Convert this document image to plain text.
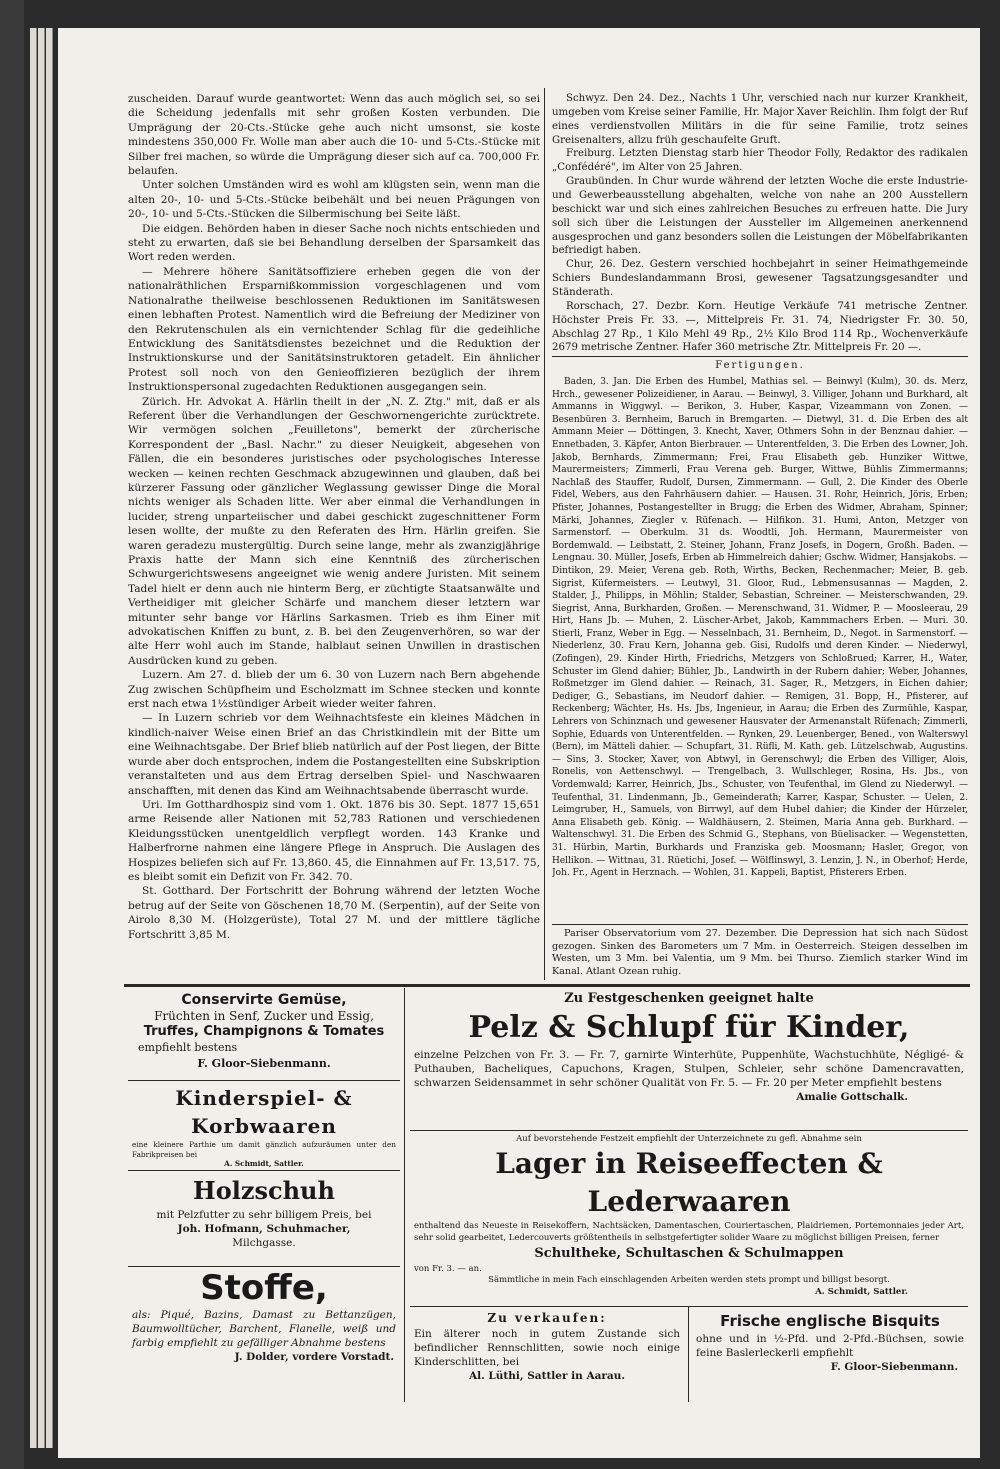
zuscheiden. Darauf wurde geantwortet: Wenn das auch möglich sei, so sei die Scheidung jedenfalls mit sehr großen Kosten verbunden. Die Umprägung der 20-Cts.-Stücke gehe auch nicht umsonst, sie koste mindestens 350,000 Fr. Wolle man aber auch die 10- und 5-Cts.-Stücke mit Silber frei machen, so würde die Umprägung dieser sich auf ca. 700,000 Fr. belaufen.

Unter solchen Umständen wird es wohl am klügsten sein, wenn man die alten 20-, 10- und 5-Cts.-Stücke beibehält und bei neuen Prägungen von 20-, 10- und 5-Cts.-Stücken die Silbermischung bei Seite läßt.

Die eidgen. Behörden haben in dieser Sache noch nichts entschieden und steht zu erwarten, daß sie bei Behandlung derselben der Sparsamkeit das Wort reden werden.

— Mehrere höhere Sanitätsoffiziere erheben gegen die von der nationalräthlichen Ersparnißkommission vorgeschlagenen und vom Nationalrathe theilweise beschlossenen Reduktionen im Sanitätswesen einen lebhaften Protest. Namentlich wird die Befreiung der Mediziner von den Rekrutenschulen als ein vernichtender Schlag für die gedeihliche Entwicklung des Sanitätsdienstes bezeichnet und die Reduktion der Instruktionskurse und der Sanitätsinstruktoren getadelt. Ein ähnlicher Protest soll noch von den Genieoffizieren bezüglich der ihrem Instruktionspersonal zugedachten Reduktionen ausgegangen sein.

Zürich. Hr. Advokat A. Härlin theilt in der „N. Z. Ztg." mit, daß er als Referent über die Verhandlungen der Geschwornengerichte zurücktrete. Wir vermögen solchen „Feuilletons", bemerkt der zürcherische Korrespondent der „Basl. Nachr." zu dieser Neuigkeit, abgesehen von Fällen, die ein besonderes juristisches oder psychologisches Interesse wecken — keinen rechten Geschmack abzugewinnen und glauben, daß bei kürzerer Fassung oder gänzlicher Weglassung gewisser Dinge die Moral nichts weniger als Schaden litte. Wer aber einmal die Verhandlungen in lucider, streng unparteiischer und dabei geschickt zugeschnittener Form lesen wollte, der mußte zu den Referaten des Hrn. Härlin greifen. Sie waren geradezu mustergültig. Durch seine lange, mehr als zwanzigjährige Praxis hatte der Mann sich eine Kenntniß des zürcherischen Schwurgerichtswesens angeeignet wie wenig andere Juristen. Mit seinem Tadel hielt er denn auch nie hinterm Berg, er züchtigte Staatsanwälte und Vertheidiger mit gleicher Schärfe und manchem dieser letztern war mitunter sehr bange vor Härlins Sarkasmen. Trieb es ihm Einer mit advokatischen Kniffen zu bunt, z. B. bei den Zeugenverhören, so war der alte Herr wohl auch im Stande, halblaut seinen Unwillen in drastischen Ausdrücken kund zu geben.

Luzern. Am 27. d. blieb der um 6. 30 von Luzern nach Bern abgehende Zug zwischen Schüpfheim und Escholzmatt im Schnee stecken und konnte erst nach etwa 1½stündiger Arbeit wieder weiter fahren.

— In Luzern schrieb vor dem Weihnachtsfeste ein kleines Mädchen in kindlich-naiver Weise einen Brief an das Christkindlein mit der Bitte um eine Weihnachtsgabe. Der Brief blieb natürlich auf der Post liegen, der Bitte wurde aber doch entsprochen, indem die Postangestellten eine Subskription veranstalteten und aus dem Ertrag derselben Spiel- und Naschwaaren anschafften, mit denen das Kind am Weihnachtsabende überrascht wurde.

Uri. Im Gotthardhospiz sind vom 1. Okt. 1876 bis 30. Sept. 1877 15,651 arme Reisende aller Nationen mit 52,783 Rationen und verschiedenen Kleidungsstücken unentgeldlich verpflegt worden. 143 Kranke und Halberfrorne nahmen eine längere Pflege in Anspruch. Die Auslagen des Hospizes beliefen sich auf Fr. 13,860. 45, die Einnahmen auf Fr. 13,517. 75, es bleibt somit ein Defizit von Fr. 342. 70.

St. Gotthard. Der Fortschritt der Bohrung während der letzten Woche betrug auf der Seite von Göschenen 18,70 M. (Serpentin), auf der Seite von Airolo 8,30 M. (Holzgerüste), Total 27 M. und der mittlere tägliche Fortschritt 3,85 M.

Schwyz. Den 24. Dez., Nachts 1 Uhr, verschied nach nur kurzer Krankheit, umgeben vom Kreise seiner Familie, Hr. Major Xaver Reichlin. Ihm folgt der Ruf eines verdienstvollen Militärs in die für seine Familie, trotz seines Greisenalters, allzu früh geschaufelte Gruft.

Freiburg. Letzten Dienstag starb hier Theodor Folly, Redaktor des radikalen „Confédéré", im Alter von 25 Jahren.

Graubünden. In Chur wurde während der letzten Woche die erste Industrie- und Gewerbeausstellung abgehalten, welche von nahe an 200 Ausstellern beschickt war und sich eines zahlreichen Besuches zu erfreuen hatte. Die Jury soll sich über die Leistungen der Aussteller im Allgemeinen anerkennend ausgesprochen und ganz besonders sollen die Leistungen der Möbelfabrikanten befriedigt haben.

Chur, 26. Dez. Gestern verschied hochbejahrt in seiner Heimathgemeinde Schiers Bundeslandammann Brosi, gewesener Tagsatzungsgesandter und Ständerath.

Rorschach, 27. Dezbr. Korn. Heutige Verkäufe 741 metrische Zentner. Höchster Preis Fr. 33. —, Mittelpreis Fr. 31. 74, Niedrigster Fr. 30. 50, Abschlag 27 Rp., 1 Kilo Mehl 49 Rp., 2½ Kilo Brod 114 Rp., Wochenverkäufe 2679 metrische Zentner. Hafer 360 metrische Ztr. Mittelpreis Fr. 20 —.

Fertigungen.

Baden, 3. Jan. Die Erben des Humbel, Mathias sel. — Beinwyl (Kulm), 30. ds. Merz, Hrch., gewesener Polizeidiener, in Aarau. — Beinwyl, 3. Villiger, Johann und Burkhard, alt Ammanns in Wiggwyl. — Berikon, 3. Huber, Kaspar, Vizeammann von Zonen. — Besenbüren 3. Bernheim, Baruch in Bremgarten. — Dietwyl, 31. d. Die Erben des alt Ammann Meier — Döttingen, 3. Knecht, Xaver, Othmers Sohn in der Benznau dahier. — Ennetbaden, 3. Käpfer, Anton Bierbrauer. — Unterentfelden, 3. Die Erben des Lowner, Joh. Jakob, Bernhards, Zimmermann; Frei, Frau Elisabeth geb. Hunziker Wittwe, Maurermeisters; Zimmerli, Frau Verena geb. Burger, Wittwe, Bühlis Zimmermanns; Nachlaß des Stauffer, Rudolf, Dursen, Zimmermann. — Gull, 2. Die Kinder des Oberle Fidel, Webers, aus den Fahrhäusern dahier. — Hausen. 31. Rohr, Heinrich, Jöris, Erben; Pfister, Johannes, Postangestellter in Brugg; die Erben des Widmer, Abraham, Spinner; Märki, Johannes, Ziegler v. Rüfenach. — Hilfikon. 31. Humi, Anton, Metzger von Sarmenstorf. — Oberkulm. 31 ds. Woodtli, Joh. Hermann, Maurermeister von Bordemwald. — Leibstatt, 2. Steiner, Johann, Franz Josefs, in Dogern, Großh. Baden. — Lengnau. 30. Müller, Josefs, Erben ab Himmelreich dahier; Gschw. Widmer, Hansjakobs. — Dintikon, 29. Meier, Verena geb. Roth, Wirths, Becken, Rechenmacher; Meier, B. geb. Sigrist, Küfermeisters. — Leutwyl, 31. Gloor, Rud., Lebmensusannas — Magden, 2. Stalder, J., Philipps, in Möhlin; Stalder, Sebastian, Schreiner. — Meisterschwanden, 29. Siegrist, Anna, Burkharden, Großen. — Merenschwand, 31. Widmer, P. — Moosleerau, 29 Hirt, Hans Jb. — Muhen, 2. Lüscher-Arbet, Jakob, Kammmachers Erben. — Muri. 30. Stierli, Franz, Weber in Egg. — Nesselnbach, 31. Bernheim, D., Negot. in Sarmenstorf. — Niederlenz, 30. Frau Kern, Johanna geb. Gisi, Rudolfs und deren Kinder. — Niederwyl, (Zofingen), 29. Kinder Hirth, Friedrichs, Metzgers von Schloßrued; Karrer, H., Water, Schuster im Glend dahier; Bühler, Jb., Landwirth in der Rubern dahier; Weber, Johannes, Roßmetzger im Glend dahier. — Reinach, 31. Sager, R., Metzgers, in Eichen dahier; Dediger, G., Sebastians, im Neudorf dahier. — Remigen, 31. Bopp, H., Pfisterer, auf Reckenberg; Wächter, Hs. Hs. Jbs, Ingenieur, in Aarau; die Erben des Zurmühle, Kaspar, Lehrers von Schinznach und gewesener Hausvater der Armenanstalt Rüfenach; Zimmerli, Sophie, Eduards von Unterentfelden. — Rynken, 29. Leuenberger, Bened., von Walterswyl (Bern), im Mätteli dahier. — Schupfart, 31. Rüfli, M. Kath. geb. Lützelschwab, Augustins. — Sins, 3. Stocker, Xaver, von Abtwyl, in Gerenschwyl; die Erben des Villiger, Alois, Ronelis, von Aettenschwyl. — Trengelbach, 3. Wullschleger, Rosina, Hs. Jbs., von Vordemwald; Karrer, Heinrich, Jbs., Schuster, von Teufenthal, im Glend zu Niederwyl. — Teufenthal, 31. Lindenmann, Jb., Gemeinderath; Karrer, Kaspar, Schuster. — Uelen, 2. Leimgruber, H., Samuels, von Birrwyl, auf dem Hubel dahier; die Kinder der Hürzeler, Anna Elisabeth geb. König. — Waldhäusern, 2. Steimen, Maria Anna geb. Burkhard. — Waltenschwyl. 31. Die Erben des Schmid G., Stephans, von Büelisacker. — Wegenstetten, 31. Hürbin, Martin, Burkhards und Franziska geb. Moosmann; Hasler, Gregor, von Hellikon. — Wittnau, 31. Rüetichi, Josef. — Wölflinswyl, 3. Lenzin, J. N., in Oberhof; Herde, Joh. Fr., Agent in Herznach. — Wohlen, 31. Kappeli, Baptist, Pfisterers Erben.

Pariser Observatorium vom 27. Dezember. Die Depression hat sich nach Südost gezogen. Sinken des Barometers um 7 Mm. in Oesterreich. Steigen desselben im Westen, um 3 Mm. bei Valentia, um 9 Mm. bei Thurso. Ziemlich starker Wind im Kanal. Atlant Ozean ruhig.

Conservirte Gemüse,
Früchten in Senf, Zucker und Essig,
Truffes, Champignons & Tomates
empfiehlt bestens
F. Gloor-Siebenmann.
Kinderspiel- & Korbwaaren
eine kleinere Parthie um damit gänzlich aufzuräumen unter den Fabrikpreisen bei
A. Schmidt, Sattler.
Holzschuh
mit Pelzfutter zu sehr billigem Preis, bei
Joh. Hofmann, Schuhmacher,
Milchgasse.
Stoffe,
als: Piqué, Bazins, Damast zu Bettanzügen, Baumwolltücher, Barchent, Flanelle, weiß und farbig empfiehlt zu gefälliger Abnahme bestens
J. Dolder, vordere Vorstadt.
Zu Festgeschenken geeignet halte
Pelz & Schlupf für Kinder,
einzelne Pelzchen von Fr. 3. — Fr. 7, garnirte Winterhüte, Puppenhüte, Wachstuchhüte, Négligé- & Puthauben, Bacheliques, Capuchons, Kragen, Stulpen, Schleier, sehr schöne Damencravatten, schwarzen Seidensammet in sehr schöner Qualität von Fr. 5. — Fr. 20 per Meter empfiehlt bestens
Amalie Gottschalk.
Auf bevorstehende Festzeit empfiehlt der Unterzeichnete zu gefl. Abnahme sein
Lager in Reiseeffecten & Lederwaaren
enthaltend das Neueste in Reisekoffern, Nachtsäcken, Damentaschen, Couriertaschen, Plaidriemen, Portemonnaies jeder Art, sehr solid gearbeitet, Ledercouverts größtentheils in selbstgefertigter solider Waare zu möglichst billigen Preisen, ferner
Schultheke, Schultaschen & Schulmappen
von Fr. 3. — an.
Sämmtliche in mein Fach einschlagenden Arbeiten werden stets prompt und billigst besorgt.
A. Schmidt, Sattler.
Zu verkaufen:
Ein älterer noch in gutem Zustande sich befindlicher Rennschlitten, sowie noch einige Kinderschlitten, bei
Al. Lüthi, Sattler in Aarau.
Frische englische Bisquits
ohne und in ½-Pfd. und 2-Pfd.-Büchsen, sowie feine Baslerleckerli empfiehlt
F. Gloor-Siebenmann.
